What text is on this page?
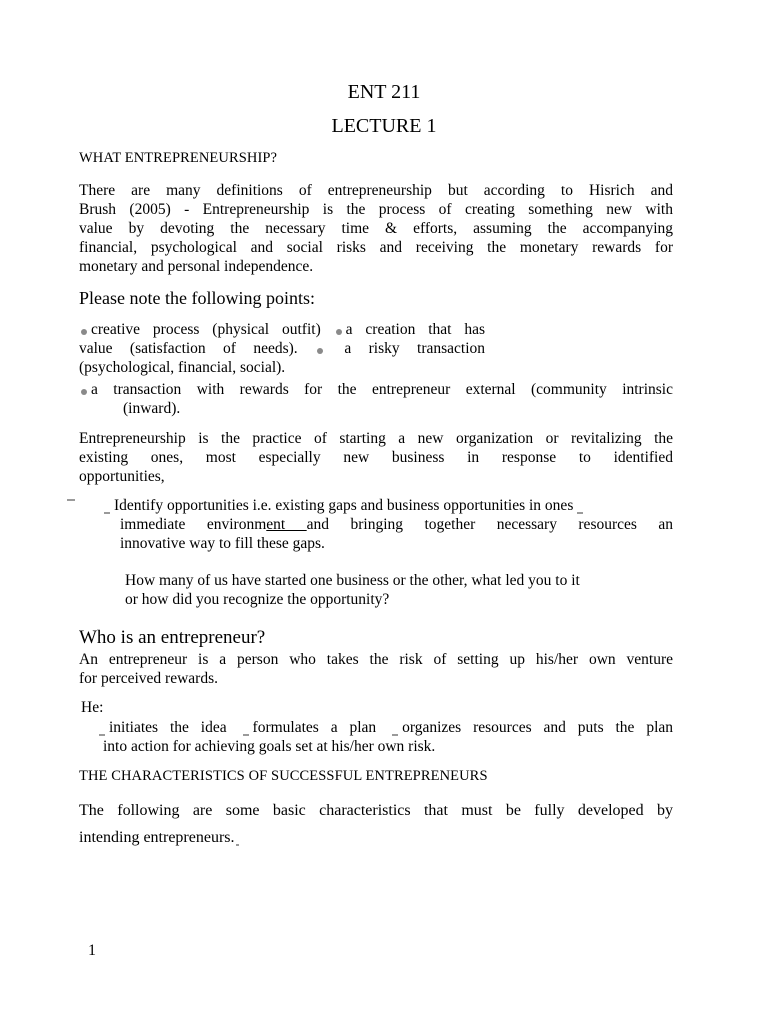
ENT 211
LECTURE 1
WHAT ENTREPRENEURSHIP?
There are many definitions of entrepreneurship but according to Hisrich and
Brush (2005) - Entrepreneurship is the process of creating something new with
value by devoting the necessary time & efforts, assuming the accompanying
financial, psychological and social risks and receiving the monetary rewards for
monetary and personal independence.
Please note the following points:
creative process (physical outfit) a creation that has
value (satisfaction of needs).	a risky transaction
(psychological, financial, social).
a transaction with rewards for the entrepreneur external (community intrinsic
(inward).
Entrepreneurship is the practice of starting a new organization or revitalizing the
existing ones, most especially new business in response to identified
opportunities,
Identify opportunities i.e. existing gaps and business opportunities in ones
immediate environment and bringing together necessary resources an
innovative way to fill these gaps.
How many of us have started one business or the other, what led you to it
or how did you recognize the opportunity?
Who is an entrepreneur?
An entrepreneur is a person who takes the risk of setting up his/her own venture
for perceived rewards.
He:
initiates the idea formulates a plan organizes resources and puts the plan
into action for achieving goals set at his/her own risk.
THE CHARACTERISTICS OF SUCCESSFUL ENTREPRENEURS
The following are some basic characteristics that must be fully developed by
intending entrepreneurs.
1
